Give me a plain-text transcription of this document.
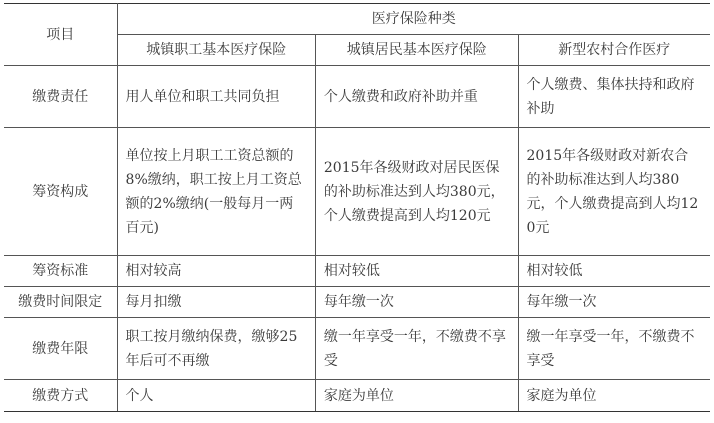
项目	医疗保险种类		
	城镇职工基本医疗保险	城镇居民基本医疗保险	新型农村合作医疗
缴费责任	用人单位和职工共同负担	个人缴费和政府补助并重	个人缴费、集体扶持和政府补助
筹资构成	单位按上月职工工资总额的8%缴纳，职工按上月工资总额的2%缴纳(一般每月一两百元)	2015年各级财政对居民医保的补助标准达到人均380元，个人缴费提高到人均120元	2015年各级财政对新农合的补助标准达到人均380元，个人缴费提高到人均120元
筹资标准	相对较高	相对较低	相对较低
缴费时间限定	每月扣缴	每年缴一次	每年缴一次
缴费年限	职工按月缴纳保费，缴够25年后可不再缴	缴一年享受一年，不缴费不享受	缴一年享受一年，不缴费不享受
缴费方式	个人	家庭为单位	家庭为单位
